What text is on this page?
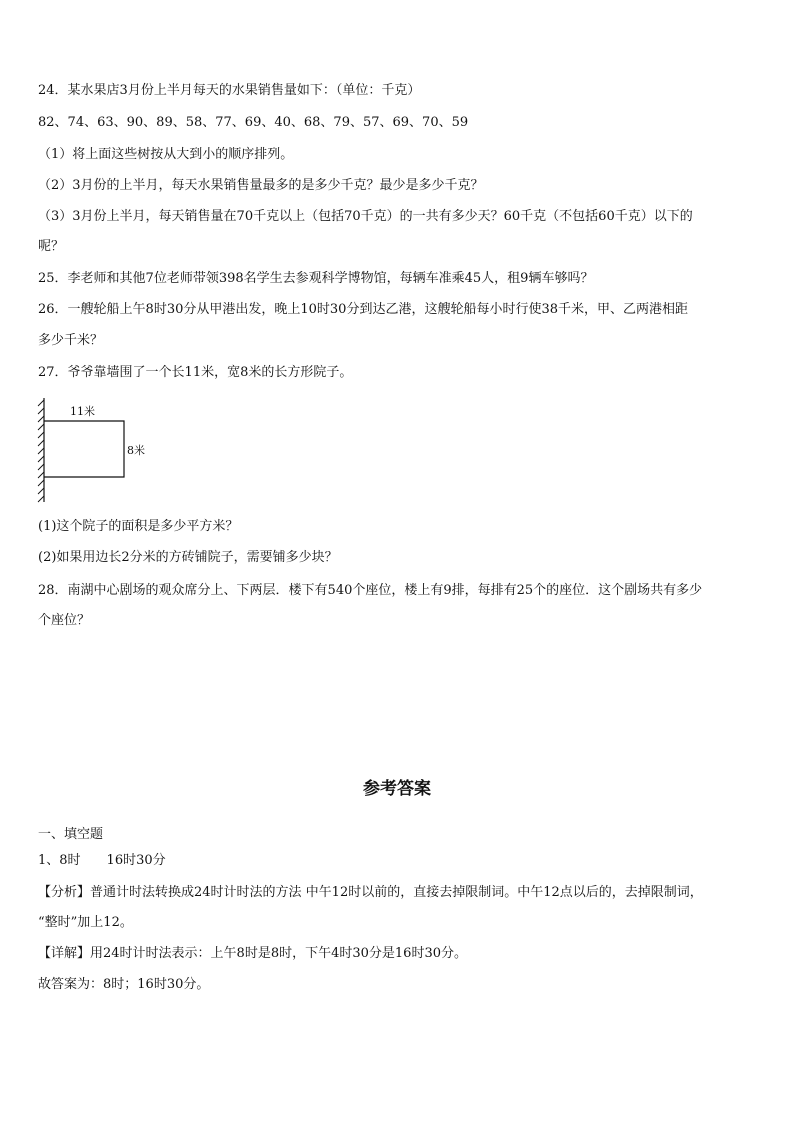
24．某水果店3月份上半月每天的水果销售量如下：（单位：千克）
82、74、63、90、89、58、77、69、40、68、79、57、69、70、59
（1）将上面这些树按从大到小的顺序排列。
（2）3月份的上半月，每天水果销售量最多的是多少千克？最少是多少千克？
（3）3月份上半月，每天销售量在70千克以上（包括70千克）的一共有多少天？60千克（不包括60千克）以下的
呢？
25．李老师和其他7位老师带领398名学生去参观科学博物馆，每辆车准乘45人，租9辆车够吗？
26．一艘轮船上午8时30分从甲港出发，晚上10时30分到达乙港，这艘轮船每小时行使38千米，甲、乙两港相距
多少千米？
27．爷爷靠墙围了一个长11米，宽8米的长方形院子。
11米
8米
(1)这个院子的面积是多少平方米？
(2)如果用边长2分米的方砖铺院子，需要铺多少块？
28．南湖中心剧场的观众席分上、下两层．楼下有540个座位，楼上有9排，每排有25个的座位．这个剧场共有多少
个座位？
参考答案
一、填空题
1、8时　　16时30分
【分析】普通计时法转换成24时计时法的方法 中午12时以前的，直接去掉限制词。中午12点以后的，去掉限制词，
“整时”加上12。
【详解】用24时计时法表示：上午8时是8时，下午4时30分是16时30分。
故答案为：8时；16时30分。
